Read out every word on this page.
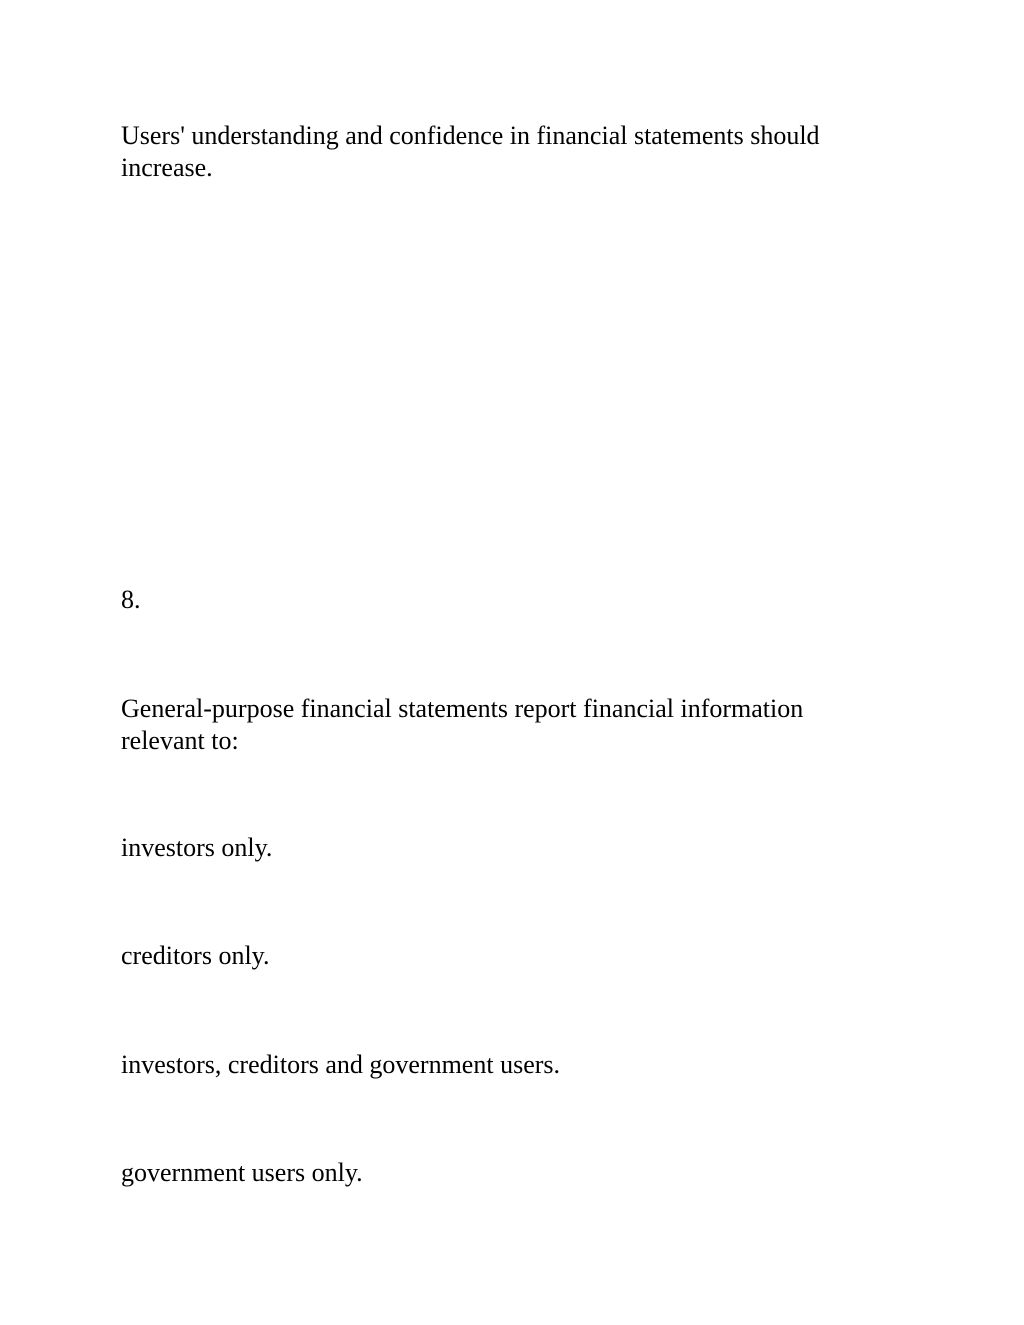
Users' understanding and confidence in financial statements should increase.

8.

General-purpose financial statements report financial information relevant to:

investors only.

creditors only.

investors, creditors and government users.

government users only.
